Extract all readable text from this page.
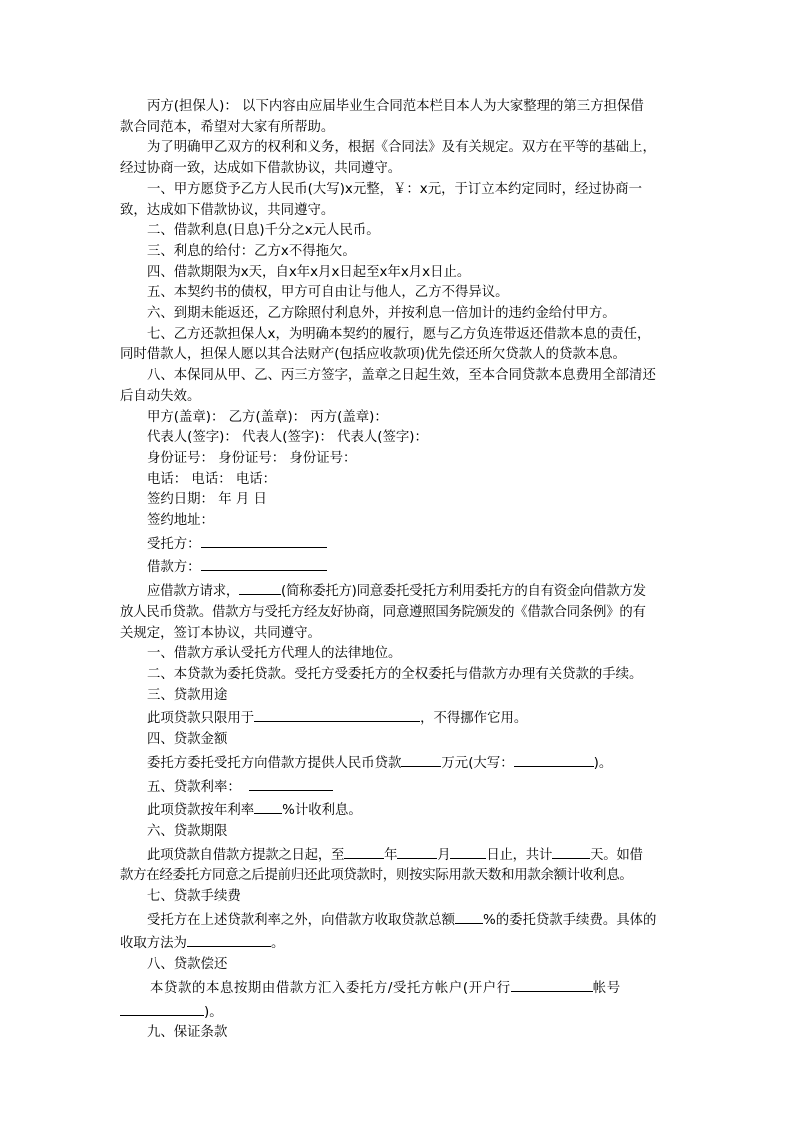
丙方(担保人)： 以下内容由应届毕业生合同范本栏目本人为大家整理的第三方担保借

款合同范本，希望对大家有所帮助。

为了明确甲乙双方的权利和义务，根据《合同法》及有关规定。双方在平等的基础上，

经过协商一致，达成如下借款协议，共同遵守。

一、甲方愿贷予乙方人民币(大写)x元整，￥：x元，于订立本约定同时，经过协商一

致，达成如下借款协议，共同遵守。

二、借款利息(日息)千分之x元人民币。

三、利息的给付：乙方x不得拖欠。

四、借款期限为x天，自x年x月x日起至x年x月x日止。

五、本契约书的债权，甲方可自由让与他人，乙方不得异议。

六、到期未能返还，乙方除照付利息外，并按利息一倍加计的违约金给付甲方。

七、乙方还款担保人x，为明确本契约的履行，愿与乙方负连带返还借款本息的责任，

同时借款人，担保人愿以其合法财产(包括应收款项)优先偿还所欠贷款人的贷款本息。

八、本保同从甲、乙、丙三方签字，盖章之日起生效，至本合同贷款本息费用全部清还

后自动失效。

甲方(盖章)： 乙方(盖章)： 丙方(盖章)：

代表人(签字)： 代表人(签字)： 代表人(签字)：

身份证号： 身份证号： 身份证号：

电话： 电话： 电话：

签约日期： 年 月 日

签约地址：

受托方：

借款方：

应借款方请求，	(简称委托方)同意委托受托方利用委托方的自有资金向借款方发

放人民币贷款。借款方与受托方经友好协商，同意遵照国务院颁发的《借款合同条例》的有

关规定，签订本协议，共同遵守。

一、借款方承认受托方代理人的法律地位。

二、本贷款为委托贷款。受托方受委托方的全权委托与借款方办理有关贷款的手续。

三、贷款用途

此项贷款只限用于	，不得挪作它用。

四、贷款金额

委托方委托受托方向借款方提供人民币贷款	万元(大写：	)。

五、贷款利率：

此项贷款按年利率 %计收利息。

六、贷款期限

此项贷款自借款方提款之日起，至	年	月	日止，共计	天。如借

款方在经委托方同意之后提前归还此项贷款时，则按实际用款天数和用款余额计收利息。

七、贷款手续费

受托方在上述贷款利率之外，向借款方收取贷款总额 %的委托贷款手续费。具体的

收取方法为	。

八、贷款偿还

本贷款的本息按期由借款方汇入委托方/受托方帐户(开户行	帐号

)。

九、保证条款
